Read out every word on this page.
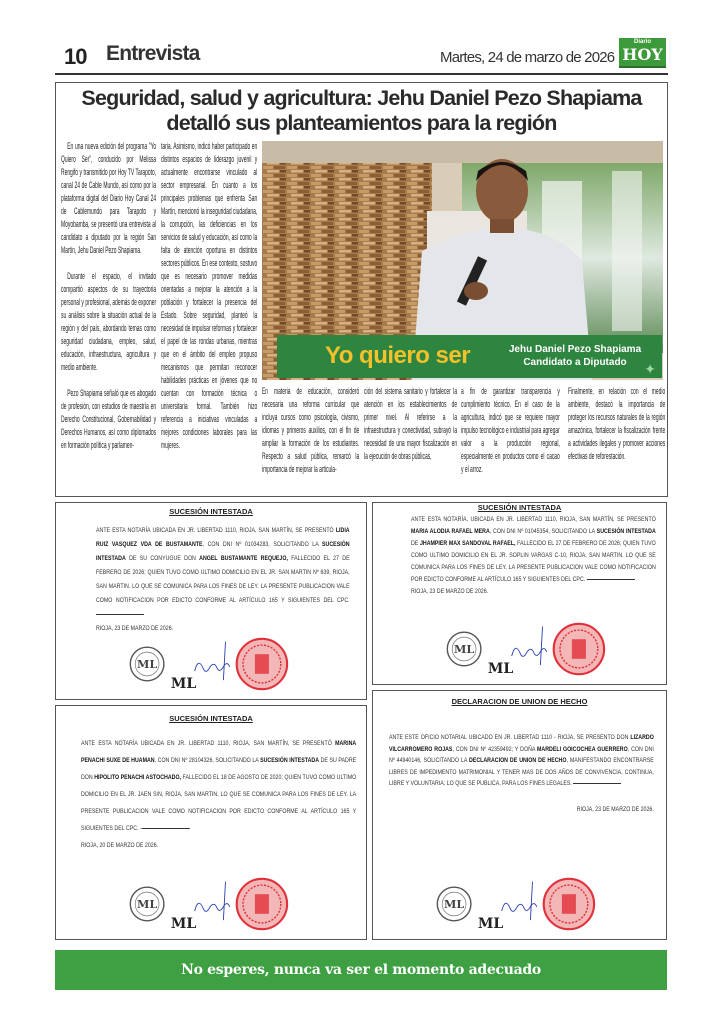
10 Entrevista	Martes, 24 de marzo de 2026
Diario
HOY
Seguridad, salud y agricultura: Jehu Daniel Pezo Shapiama
detalló sus planteamientos para la región

En una nueva edición del programa "Yo Quiero Ser", conducido por Melissa Rengifo y transmitido por Hoy TV Tarapoto, canal 24 de Cable Mundo, así como por la plataforma digital del Diario Hoy Canal 24 de Cablemundo para Tarapoto y Moyobamba, se presentó una entrevista al candidato a diputado por la región San Martín, Jehu Daniel Pezo Shapiama.

Durante el espacio, el invitado compartió aspectos de su trayectoria personal y profesional, además de exponer su análisis sobre la situación actual de la región y del país, abordando temas como seguridad ciudadana, empleo, salud, educación, infraestructura, agricultura y medio ambiente.

Pezo Shapiama señaló que es abogado de profesión, con estudios de maestría en Derecho Constitucional, Gobernabilidad y Derechos Humanos, así como diplomados en formación política y parlamen-

taria. Asimismo, indicó haber participado en distintos espacios de liderazgo juvenil y actualmente encontrarse vinculado al sector empresarial. En cuanto a los principales problemas que enfrenta San Martín, mencionó la inseguridad ciudadana, la corrupción, las deficiencias en los servicios de salud y educación, así como la falta de atención oportuna en distintos sectores públicos. En ese contexto, sostuvo que es necesario promover medidas orientadas a mejorar la atención a la población y fortalecer la presencia del Estado. Sobre seguridad, planteó la necesidad de impulsar reformas y fortalecer el papel de las rondas urbanas, mientras que en el ámbito del empleo propuso mecanismos que permitan reconocer habilidades prácticas en jóvenes que no cuentan con formación técnica o universitaria formal. También hizo referencia a iniciativas vinculadas a mejores condiciones laborales para las mujeres.

Yo quiero ser	Jehu Daniel Pezo Shapiama
Candidato a Diputado	✦

En materia de educación, consideró necesaria una reforma curricular que incluya cursos como psicología, civismo, idiomas y primeros auxilios, con el fin de ampliar la formación de los estudiantes. Respecto a salud pública, remarcó la importancia de mejorar la articula-

ción del sistema sanitario y fortalecer la atención en los establecimientos de primer nivel. Al referirse a la infraestructura y conectividad, subrayó la necesidad de una mayor fiscalización en la ejecución de obras públicas,

a fin de garantizar transparencia y cumplimiento técnico. En el caso de la agricultura, indicó que se requiere mayor impulso tecnológico e industrial para agregar valor a la producción regional, especialmente en productos como el cacao y el arroz.

Finalmente, en relación con el medio ambiente, destacó la importancia de proteger los recursos naturales de la región amazónica, fortalecer la fiscalización frente a actividades ilegales y promover acciones efectivas de reforestación.

SUCESIÓN INTESTADA
ANTE ESTA NOTARÍA UBICADA EN JR. LIBERTAD 1110, RIOJA, SAN MARTÍN, SE PRESENTÓ LIDIA RUIZ VASQUEZ VDA DE BUSTAMANTE, CON DNI Nº 01034283, SOLICITANDO LA SUCESIÓN INTESTADA DE SU CONYUGUE DON ANGEL BUSTAMANTE REQUEJO, FALLECIDO EL 27 DE FEBRERO DE 2026; QUIEN TUVO COMO ULTIMO DOMICILIO EN EL JR. SAN MARTIN Nº 639, RIOJA, SAN MARTIN. LO QUE SE COMUNICA PARA LOS FINES DE LEY. LA PRESENTE PUBLICACION VALE COMO NOTIFICACION POR EDICTO CONFORME AL ARTÍCULO 165 Y SIGUIENTES DEL CPC.
RIOJA, 23 DE MARZO DE 2026.
ML
ML
SUCESIÓN INTESTADA
ANTE ESTA NOTARÍA, UBICADA EN JR. LIBERTAD 1110, RIOJA, SAN MARTÍN, SE PRESENTÓ MARIA ALODIA RAFAEL MERA, CON DNI Nº 01045354, SOLICITANDO LA SUCESIÓN INTESTADA DE JHAMPIER MAX SANDOVAL RAFAEL, FALLECIDO EL 27 DE FEBRERO DE 2026; QUIEN TUVO COMO ULTIMO DOMICILIO EN EL JR. SOPLIN VARGAS C-10, RIOJA, SAN MARTIN. LO QUE SE COMUNICA PARA LOS FINES DE LEY. LA PRESENTE PUBLICACION VALE COMO NOTIFICACION POR EDICTO CONFORME AL ARTÍCULO 165 Y SIGUIENTES DEL CPC.
RIOJA, 23 DE MARZO DE 2026.
ML
ML
SUCESIÓN INTESTADA
ANTE ESTA NOTARÍA UBICADA EN JR. LIBERTAD 1110, RIOJA, SAN MARTÍN, SE PRESENTÓ MARINA PENACHI SUXE DE HUAMAN, CON DNI Nº 28104326, SOLICITANDO LA SUCESIÓN INTESTADA DE SU PADRE DON HIPOLITO PENACHI ASTOCHADO, FALLECIDO EL 18 DE AGOSTO DE 2020; QUIEN TUVO COMO ULTIMO DOMICILIO EN EL JR. JAEN S/N, RIOJA, SAN MARTIN. LO QUE SE COMUNICA PARA LOS FINES DE LEY. LA PRESENTE PUBLICACION VALE COMO NOTIFICACION POR EDICTO CONFORME AL ARTÍCULO 165 Y SIGUIENTES DEL CPC. -
RIOJA, 20 DE MARZO DE 2026.
ML
ML
DECLARACION DE UNION DE HECHO
ANTE ESTE OFICIO NOTARIAL UBICADO EN JR. LIBERTAD 1110 - RIOJA, SE PRESENTO DON LIZARDO VILCARROMERO ROJAS, CON DNI Nº 42359492; Y DOÑA MARDELI GOICOCHEA GUERRERO, CON DNI Nº 44940146, SOLICITANDO LA DECLARACION DE UNION DE HECHO, MANIFESTANDO ENCONTRARSE LIBRES DE IMPEDIMENTO MATRIMONIAL Y TENER MAS DE DOS AÑOS DE CONVIVENCIA, CONTINUA, LIBRE Y VOLUNTARIA; LO QUE SE PUBLICA, PARA LOS FINES LEGALES.
RIOJA, 23 DE MARZO DE 2026.
ML
ML
No esperes, nunca va ser el momento adecuado
